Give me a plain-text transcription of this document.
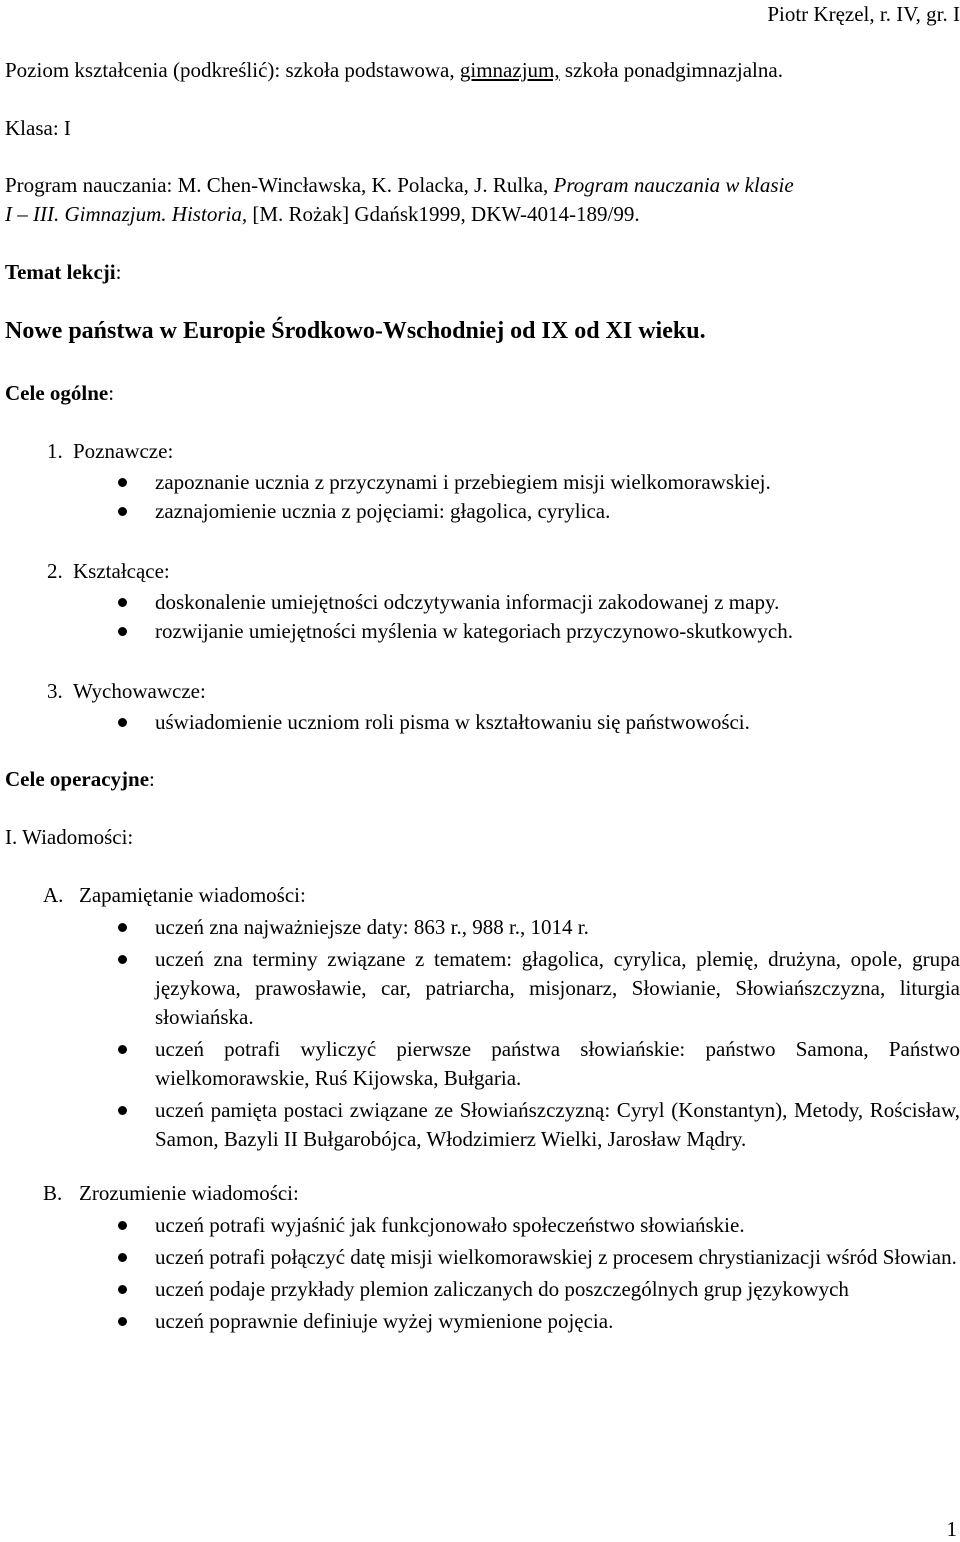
Piotr Kręzel, r. IV, gr. I
Poziom kształcenia (podkreślić): szkoła podstawowa, gimnazjum, szkoła ponadgimnazjalna.
Klasa: I
Program nauczania: M. Chen-Wincławska, K. Polacka, J. Rulka, Program nauczania w klasie
I – III. Gimnazjum. Historia, [M. Rożak] Gdańsk1999, DKW-4014-189/99.
Temat lekcji:
Nowe państwa w Europie Środkowo-Wschodniej od IX od XI wieku.
Cele ogólne:
1. Poznawcze:
zapoznanie ucznia z przyczynami i przebiegiem misji wielkomorawskiej.
zaznajomienie ucznia z pojęciami: głagolica, cyrylica.
2. Kształcące:
doskonalenie umiejętności odczytywania informacji zakodowanej z mapy.
rozwijanie umiejętności myślenia w kategoriach przyczynowo-skutkowych.
3. Wychowawcze:
uświadomienie uczniom roli pisma w kształtowaniu się państwowości.
Cele operacyjne:
I. Wiadomości:
A. Zapamiętanie wiadomości:
uczeń zna najważniejsze daty: 863 r., 988 r., 1014 r.
uczeń zna terminy związane z tematem: głagolica, cyrylica, plemię, drużyna, opole, grupa językowa, prawosławie, car, patriarcha, misjonarz, Słowianie, Słowiańszczyzna, liturgia słowiańska.
uczeń potrafi wyliczyć pierwsze państwa słowiańskie: państwo Samona, Państwo wielkomorawskie, Ruś Kijowska, Bułgaria.
uczeń pamięta postaci związane ze Słowiańszczyzną: Cyryl (Konstantyn), Metody, Rościsław, Samon, Bazyli II Bułgarobójca, Włodzimierz Wielki, Jarosław Mądry.
B. Zrozumienie wiadomości:
uczeń potrafi wyjaśnić jak funkcjonowało społeczeństwo słowiańskie.
uczeń potrafi połączyć datę misji wielkomorawskiej z procesem chrystianizacji wśród Słowian.
uczeń podaje przykłady plemion zaliczanych do poszczególnych grup językowych
uczeń poprawnie definiuje wyżej wymienione pojęcia.
1
